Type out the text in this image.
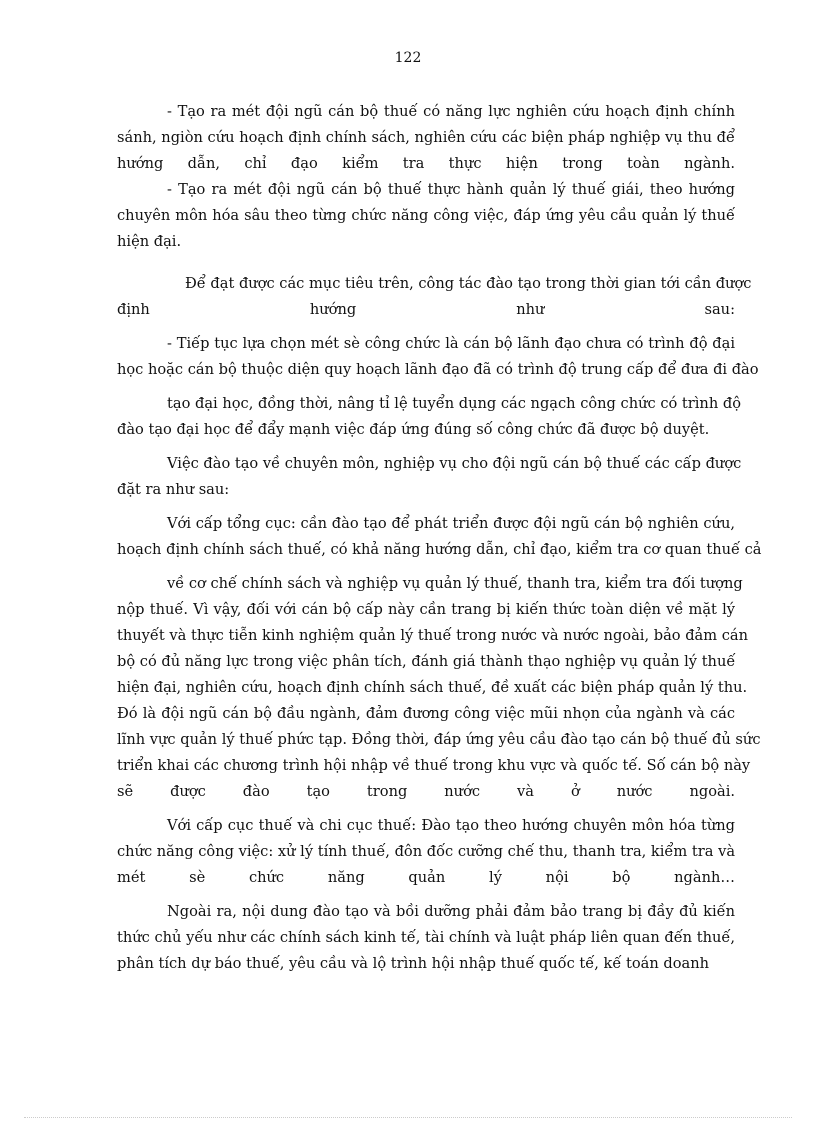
122
- Tạo ra mét đội ngũ cán bộ thuế có năng lực nghiên cứu hoạch định chính
sánh, ngiòn cứu hoạch định chính sách, nghiên cứu các biện pháp nghiệp vụ thu để
hướng dẫn, chỉ đạo kiểm tra thực hiện trong toàn ngành.
- Tạo ra mét đội ngũ cán bộ thuế thực hành quản lý thuế giái, theo hướng
chuyên môn hóa sâu theo từng chức năng công việc, đáp ứng yêu cầu quản lý thuế
hiện đại.
Để đạt được các mục tiêu trên, công tác đào tạo trong thời gian tới cần được
định hướng như sau:
- Tiếp tục lựa chọn mét sè công chức là cán bộ lãnh đạo chưa có trình độ đại
học hoặc cán bộ thuộc diện quy hoạch lãnh đạo đã có trình độ trung cấp để đưa đi đào
tạo đại học, đồng thời, nâng tỉ lệ tuyển dụng các ngạch công chức có trình độ
đào tạo đại học để đẩy mạnh việc đáp ứng đúng số công chức đã được bộ duyệt.
Việc đào tạo về chuyên môn, nghiệp vụ cho đội ngũ cán bộ thuế các cấp được
đặt ra như sau:
Với cấp tổng cục: cần đào tạo để phát triển được đội ngũ cán bộ nghiên cứu,
hoạch định chính sách thuế, có khả năng hướng dẫn, chỉ đạo, kiểm tra cơ quan thuế cả
về cơ chế chính sách và nghiệp vụ quản lý thuế, thanh tra, kiểm tra đối tượng
nộp thuế. Vì vậy, đối với cán bộ cấp này cần trang bị kiến thức toàn diện về mặt lý
thuyết và thực tiễn kinh nghiệm quản lý thuế trong nước và nước ngoài, bảo đảm cán
bộ có đủ năng lực trong việc phân tích, đánh giá thành thạo nghiệp vụ quản lý thuế
hiện đại, nghiên cứu, hoạch định chính sách thuế, đề xuất các biện pháp quản lý thu.
Đó là đội ngũ cán bộ đầu ngành, đảm đương công việc mũi nhọn của ngành và các
lĩnh vực quản lý thuế phức tạp. Đồng thời, đáp ứng yêu cầu đào tạo cán bộ thuế đủ sức
triển khai các chương trình hội nhập về thuế trong khu vực và quốc tế. Số cán bộ này
sẽ được đào tạo trong nước và ở nước ngoài.
Với cấp cục thuế và chi cục thuế: Đào tạo theo hướng chuyên môn hóa từng
chức năng công việc: xử lý tính thuế, đôn đốc cưỡng chế thu, thanh tra, kiểm tra và
mét sè chức năng quản lý nội bộ ngành…
Ngoài ra, nội dung đào tạo và bồi dưỡng phải đảm bảo trang bị đầy đủ kiến
thức chủ yếu như các chính sách kinh tế, tài chính và luật pháp liên quan đến thuế,
phân tích dự báo thuế, yêu cầu và lộ trình hội nhập thuế quốc tế, kế toán doanh
